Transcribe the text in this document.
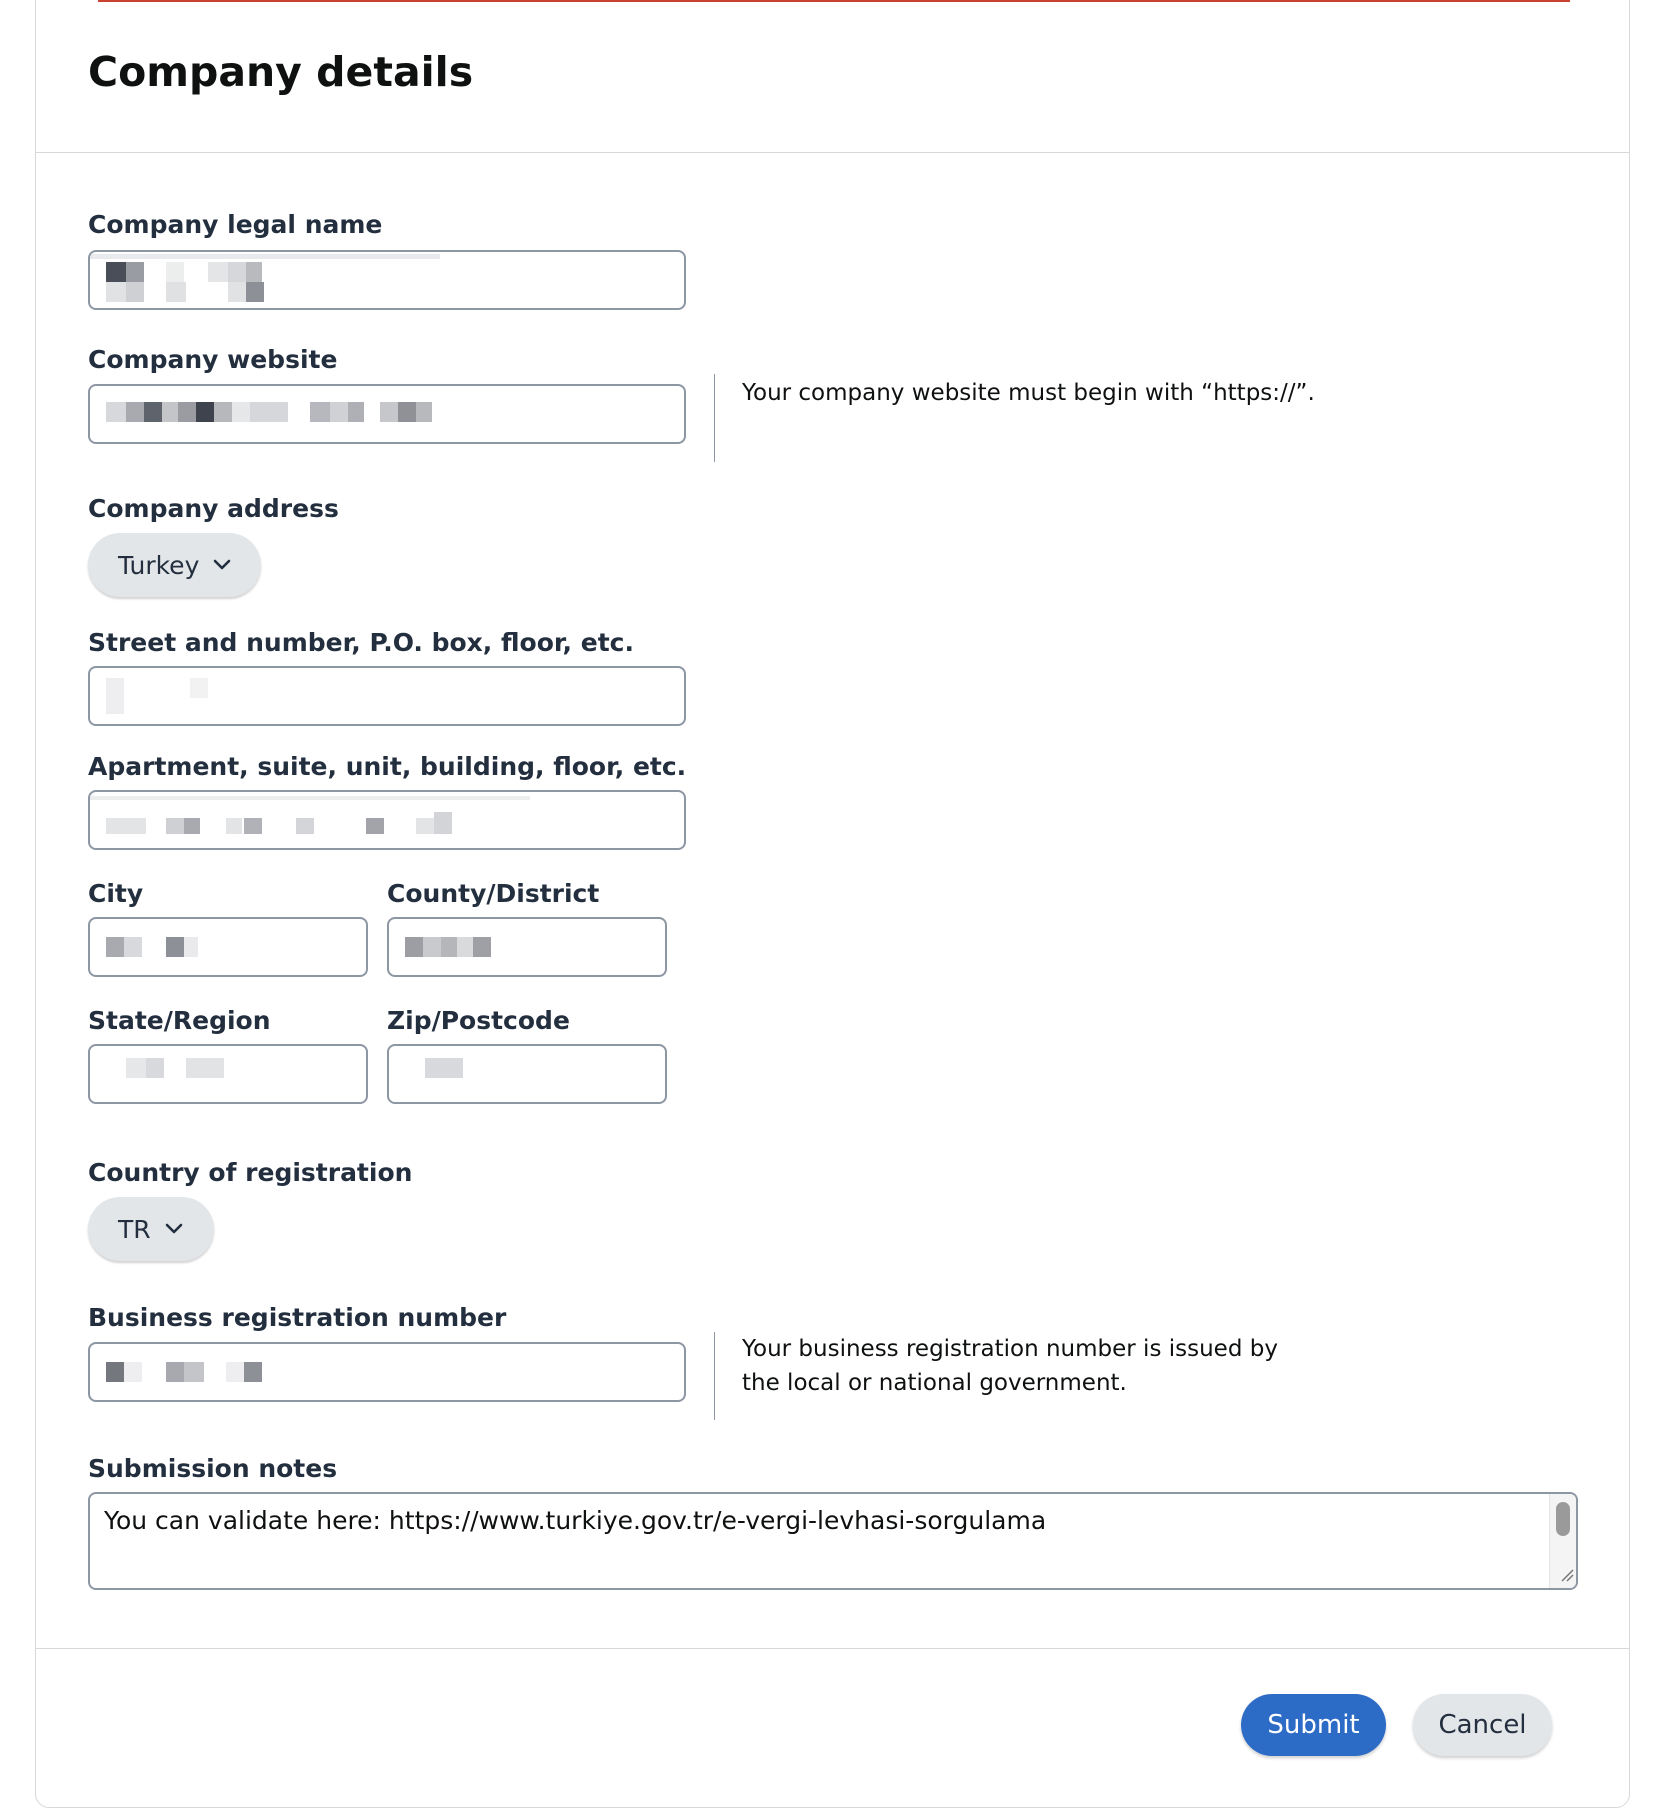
Company details
Company legal name
Company website
Your company website must begin with “https://”.
Company address
Turkey
Street and number, P.O. box, floor, etc.
Apartment, suite, unit, building, floor, etc.
City	County/District
State/Region	Zip/Postcode
Country of registration
TR
Business registration number
Your business registration number is issued by the local or national government.
Submission notes
You can validate here: https://www.turkiye.gov.tr/e-vergi-levhasi-sorgulama
Submit	Cancel
